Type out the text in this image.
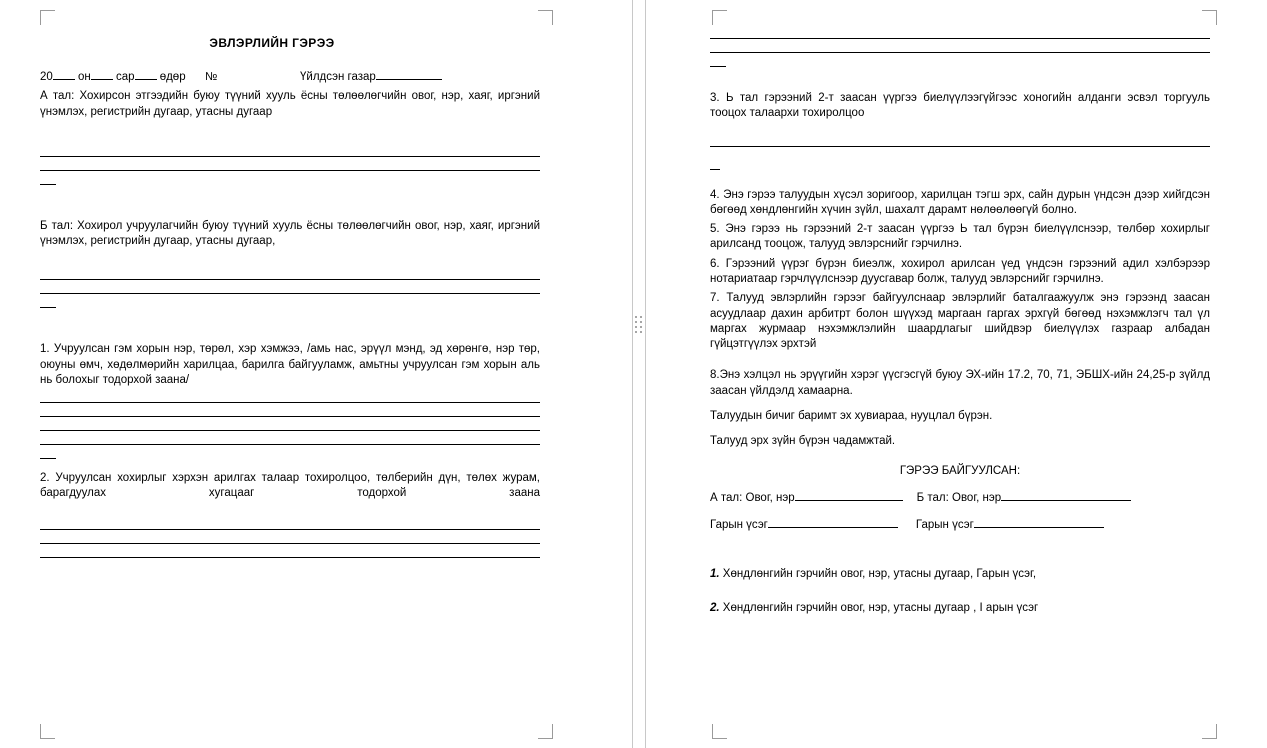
ЭВЛЭРЛИЙН ГЭРЭЭ

20 он сар өдөр	№	Үйлдсэн газар

А тал: Хохирсон этгээдийн буюу түүний хууль ёсны төлөөлөгчийн овог, нэр, хаяг, иргэний үнэмлэх, регистрийн дугаар, утасны дугаар

Б тал: Хохирол учруулагчийн буюу түүний хууль ёсны төлөөлөгчийн овог, нэр, хаяг, иргэний үнэмлэх, регистрийн дугаар, утасны дугаар,

1. Учруулсан гэм хорын нэр, төрөл, хэр хэмжээ, /амь нас, эрүүл мэнд, эд хөрөнгө, нэр төр, оюуны өмч, хөдөлмөрийн харилцаа, барилга байгууламж, амьтны учруулсан гэм хорын аль нь болохыг тодорхой заана/

2. Учруулсан хохирлыг хэрхэн арилгах талаар тохиролцоо, төлберийн дүн, төлөх журам, барагдуулах хугацааг тодорхой заана

3. Ь тал гэрээний 2-т заасан үүргээ биелүүлээгүйгээс хоногийн алданги эсвэл торгууль тооцох талаархи тохиролцоо

4. Энэ гэрээ талуудын хүсэл зоригоор, харилцан тэгш эрх, сайн дурын үндсэн дээр хийгдсэн бөгөөд хөндлөнгийн хүчин зүйл, шахалт дарамт нөлөөлөөгүй болно.

5. Энэ гэрээ нь гэрээний 2-т заасан үүргээ Ь тал бүрэн биелүүлснээр, төлбөр хохирлыг арилсанд тооцож, талууд эвлэрснийг гэрчилнэ.

6. Гэрээний үүрэг бүрэн биеэлж, хохирол арилсан үед үндсэн гэрээний адил хэлбэрээр нотариатаар гэрчлүүлснээр дуусгавар болж, талууд эвлэрснийг гэрчилнэ.

7. Талууд эвлэрлийн гэрээг байгуулснаар эвлэрлийг баталгаажуулж энэ гэрээнд заасан асуудлаар дахин арбитрт болон шүүхэд маргаан гаргах эрхгүй бөгөөд нэхэмжлэгч тал үл маргах журмаар нэхэмжлэлийн шаардлагыг шийдвэр биелүүлэх газраар албадан гүйцэтгүүлэх эрхтэй

8.Энэ хэлцэл нь эрүүгийн хэрэг үүсгэсгүй буюу ЭХ-ийн 17.2, 70, 71, ЭБШХ-ийн 24,25-р зүйлд заасан үйлдэлд хамаарна.

Талуудын бичиг баримт эх хувиараа, нууцлал бүрэн.

Талууд эрх зүйн бүрэн чадамжтай.

ГЭРЭЭ БАЙГУУЛСАН:

А тал: Овог, нэр	Б тал: Овог, нэр
Гарын үсэг	Гарын үсэг

1. Хөндлөнгийн гэрчийн овог, нэр, утасны дугаар, Гарын үсэг,

2. Хөндлөнгийн гэрчийн овог, нэр, утасны дугаар , I арын үсэг
